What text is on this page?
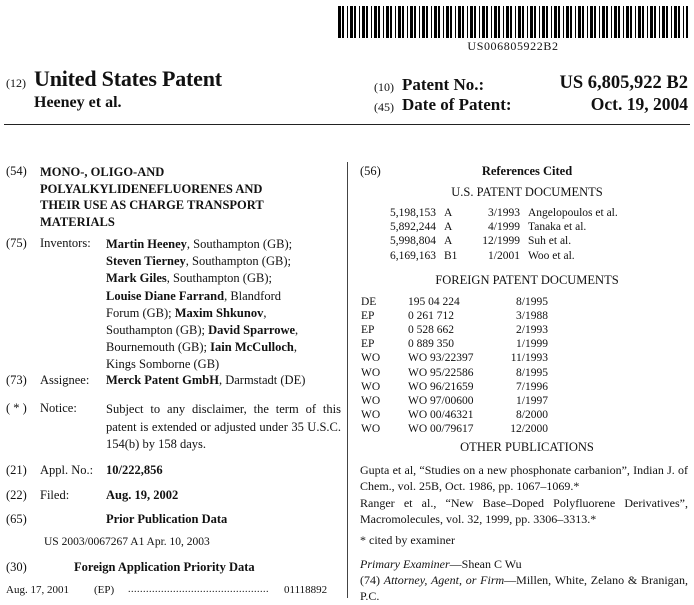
US006805922B2
(12) United States Patent
Heeney et al.
(10) Patent No.:	US 6,805,922 B2
(45) Date of Patent:	Oct. 19, 2004
(54) MONO-, OLIGO-AND
POLYALKYLIDENEFLUORENES AND
THEIR USE AS CHARGE TRANSPORT
MATERIALS
(75) Inventors: Martin Heeney, Southampton (GB);
Steven Tierney, Southampton (GB);
Mark Giles, Southampton (GB);
Louise Diane Farrand, Blandford
Forum (GB); Maxim Shkunov,
Southampton (GB); David Sparrowe,
Bournemouth (GB); Iain McCulloch,
Kings Somborne (GB)
(73) Assignee: Merck Patent GmbH, Darmstadt (DE)
( * ) Notice: Subject to any disclaimer, the term of this patent is extended or adjusted under 35 U.S.C. 154(b) by 158 days.
(21) Appl. No.: 10/222,856
(22) Filed:	Aug. 19, 2002
(65)	Prior Publication Data
US 2003/0067267 A1 Apr. 10, 2003
(30)	Foreign Application Priority Data
Aug. 17, 2001 (EP) ...............................................	01118892
(56)	References Cited
U.S. PATENT DOCUMENTS
5,198,153 A	3/1993 Angelopoulos et al.
5,892,244 A	4/1999 Tanaka et al.
5,998,804 A	12/1999 Suh et al.
6,169,163 B1	1/2001 Woo et al.
FOREIGN PATENT DOCUMENTS
DE	195 04 224	8/1995
EP	0 261 712	3/1988
EP	0 528 662	2/1993
EP	0 889 350	1/1999
WO	WO 93/22397	11/1993
WO	WO 95/22586	8/1995
WO	WO 96/21659	7/1996
WO	WO 97/00600	1/1997
WO	WO 00/46321	8/2000
WO	WO 00/79617	12/2000
OTHER PUBLICATIONS
Gupta et al, “Studies on a new phosphonate carbanion”, Indian J. of Chem., vol. 25B, Oct. 1986, pp. 1067–1069.*
Ranger et al., “New Base–Doped Polyfluorene Derivatives”, Macromolecules, vol. 32, 1999, pp. 3306–3313.*
* cited by examiner
Primary Examiner—Shean C Wu
(74) Attorney, Agent, or Firm—Millen, White, Zelano & Branigan, P.C.
